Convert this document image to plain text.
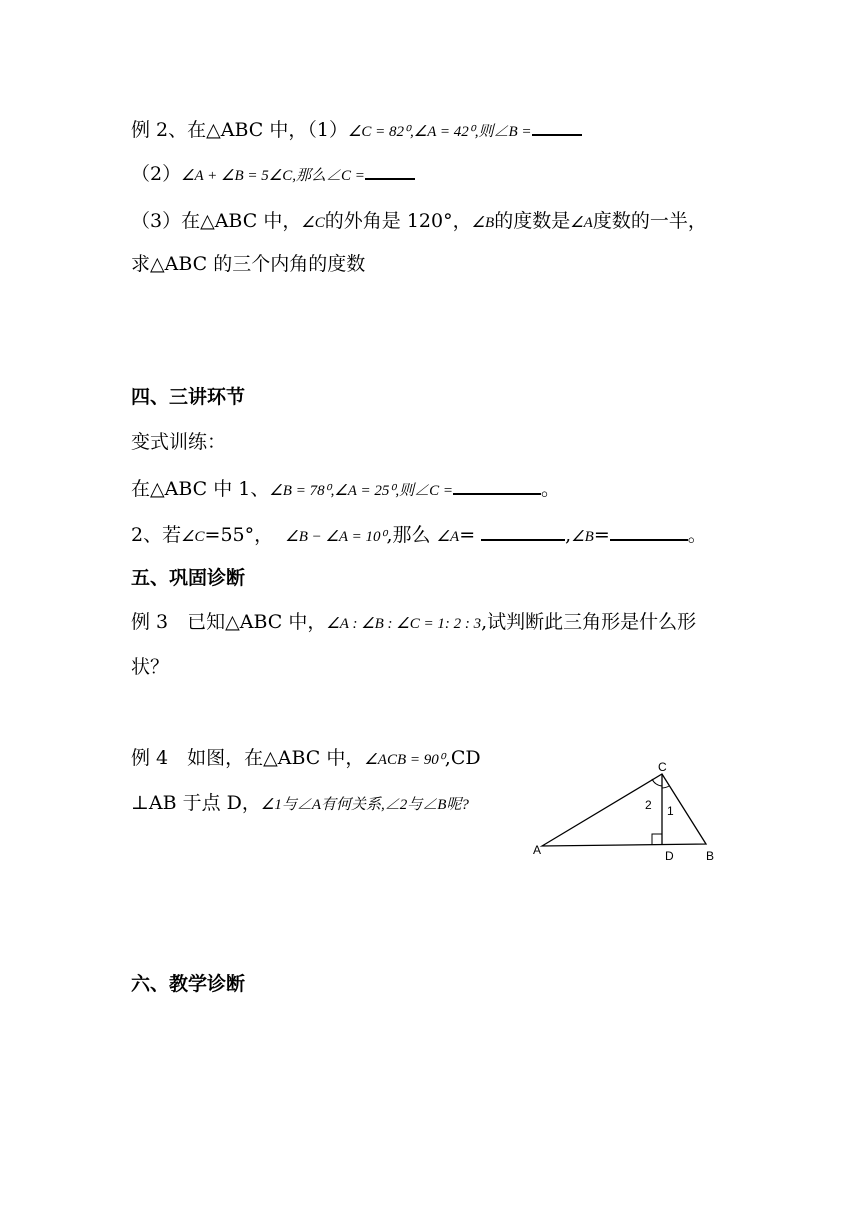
例 2、在△ABC 中，（1）∠C = 82⁰,∠A = 42⁰,则∠B =
（2）∠A + ∠B = 5∠C,那么∠C =
（3）在△ABC 中，∠C的外角是 120°，∠B的度数是∠A度数的一半，
求△ABC 的三个内角的度数
四、三讲环节
变式训练：
在△ABC 中 1、∠B = 78⁰,∠A = 25⁰,则∠C =	。
2、若∠C=55°， ∠B − ∠A = 10⁰,那么 ∠A=	,∠B=	。
五、巩固诊断
例 3　已知△ABC 中，∠A : ∠B : ∠C = 1: 2 : 3,试判断此三角形是什么形
状？
例 4　如图，在△ABC 中，∠ACB = 90⁰,CD
⊥AB 于点 D，∠1与∠A有何关系,∠2与∠B呢?
C
A	D	B
2 1
六、教学诊断
